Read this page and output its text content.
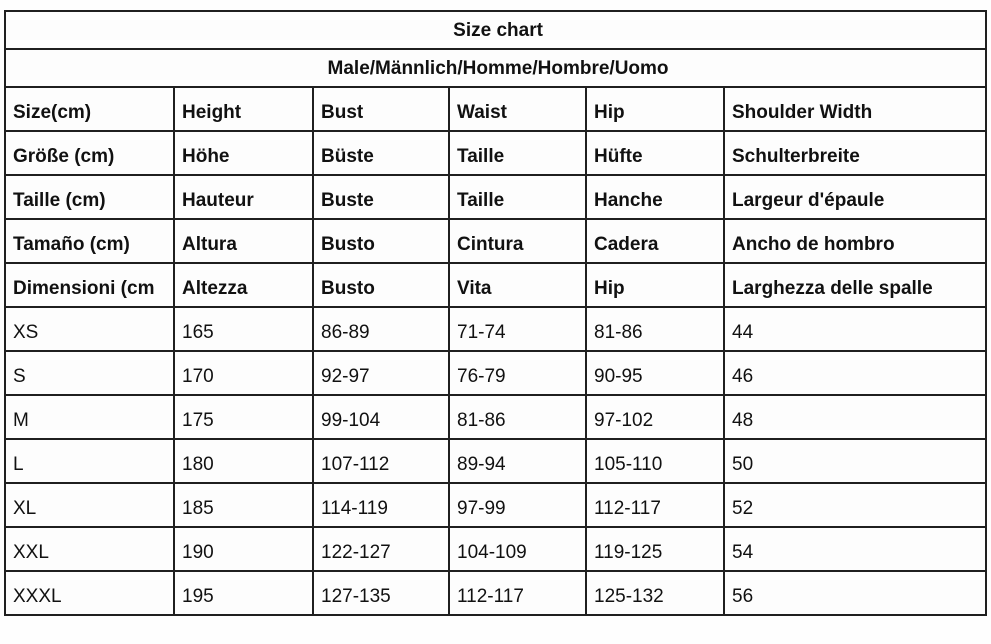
Size chart					
Male/Männlich/Homme/Hombre/Uomo					
Size(cm)	Height	Bust	Waist	Hip	Shoulder Width
Größe (cm)	Höhe	Büste	Taille	Hüfte	Schulterbreite
Taille (cm)	Hauteur	Buste	Taille	Hanche	Largeur d'épaule
Tamaño (cm)	Altura	Busto	Cintura	Cadera	Ancho de hombro
Dimensioni (cm	Altezza	Busto	Vita	Hip	Larghezza delle spalle
XS	165	86-89	71-74	81-86	44
S	170	92-97	76-79	90-95	46
M	175	99-104	81-86	97-102	48
L	180	107-112	89-94	105-110	50
XL	185	114-119	97-99	112-117	52
XXL	190	122-127	104-109	119-125	54
XXXL	195	127-135	112-117	125-132	56
